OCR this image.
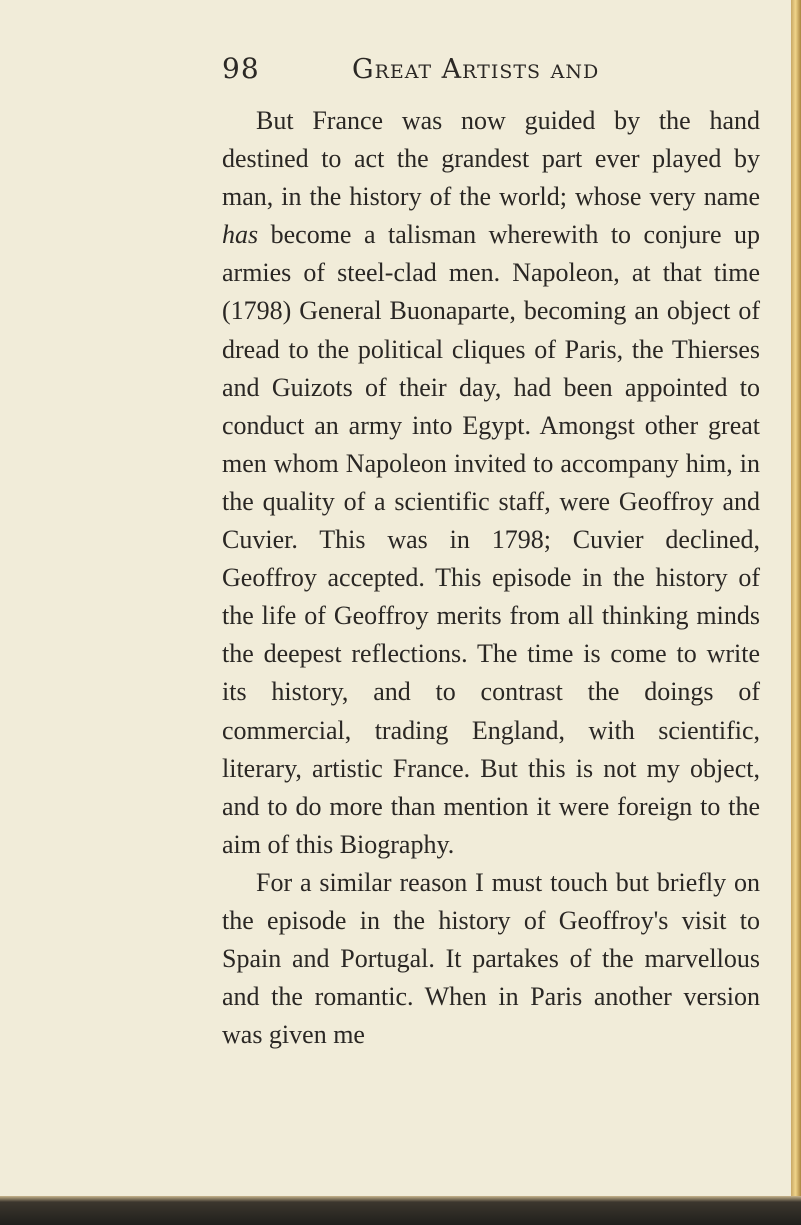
98	Great Artists and

But France was now guided by the hand destined to act the grandest part ever played by man, in the history of the world; whose very name has become a talisman wherewith to conjure up armies of steel-clad men. Napoleon, at that time (1798) General Buonaparte, becoming an object of dread to the political cliques of Paris, the Thierses and Guizots of their day, had been appointed to conduct an army into Egypt. Amongst other great men whom Napoleon invited to accompany him, in the quality of a scientific staff, were Geoffroy and Cuvier. This was in 1798; Cuvier declined, Geoffroy accepted. This episode in the history of the life of Geoffroy merits from all thinking minds the deepest reflections. The time is come to write its history, and to contrast the doings of commercial, trading England, with scientific, literary, artistic France. But this is not my object, and to do more than mention it were foreign to the aim of this Biography.

For a similar reason I must touch but briefly on the episode in the history of Geoffroy's visit to Spain and Portugal. It partakes of the marvellous and the romantic. When in Paris another version was given me
